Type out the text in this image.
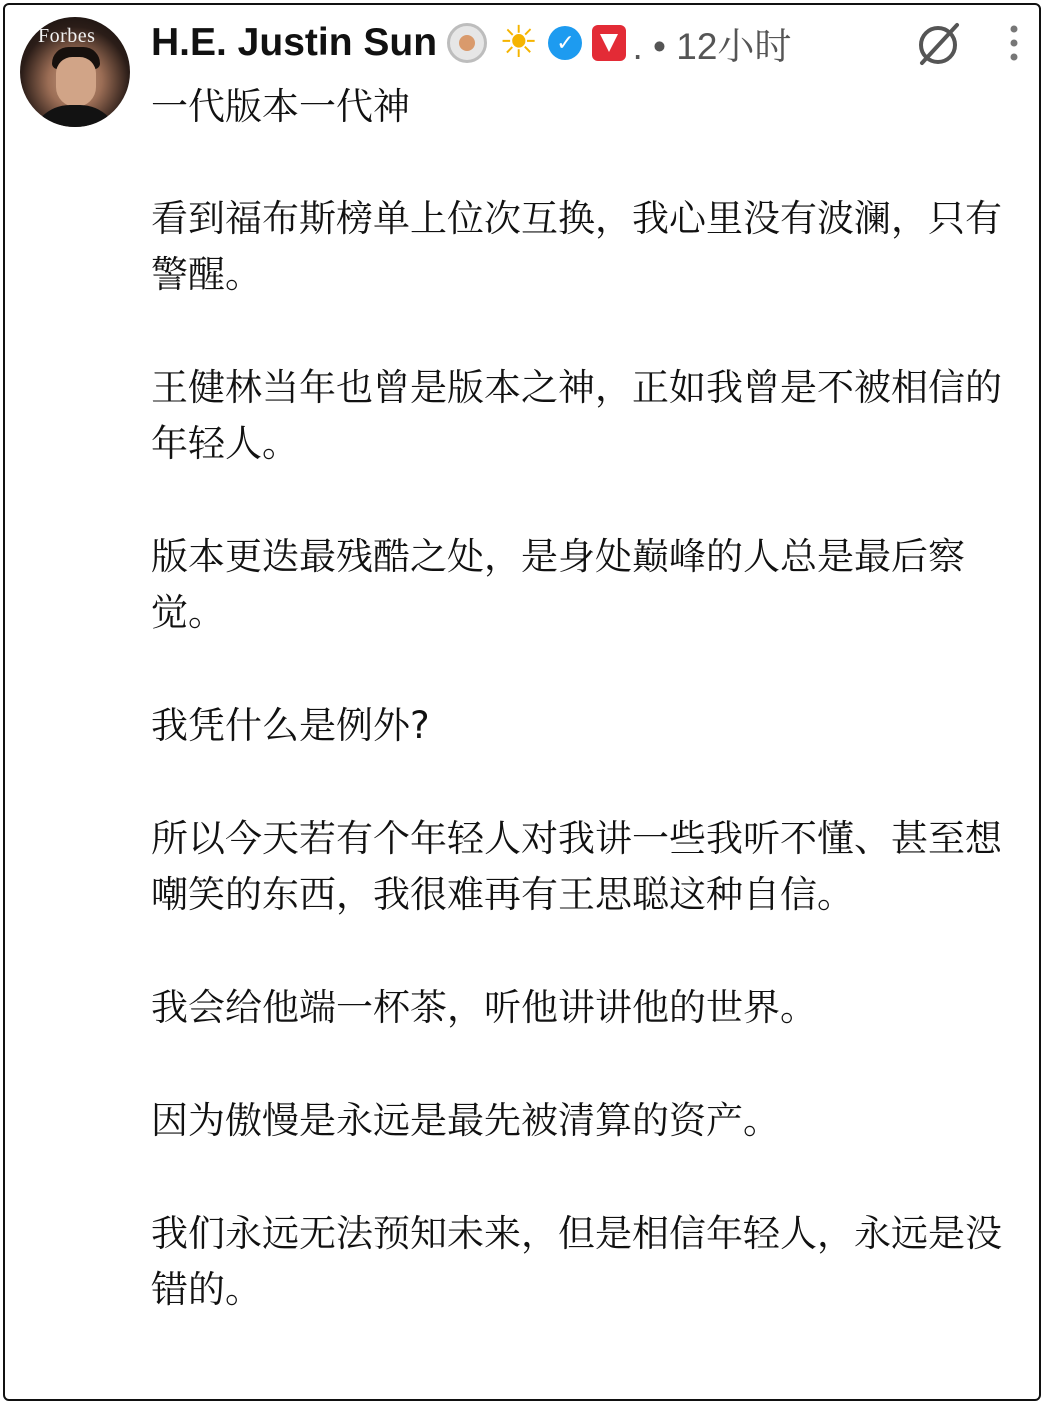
Forbes H.E. Justin Sun ☀ ✓ . • 12小时

一代版本一代神

看到福布斯榜单上位次互换，我心里没有波澜，只有警醒。

王健林当年也曾是版本之神，正如我曾是不被相信的年轻人。

版本更迭最残酷之处，是身处巅峰的人总是最后察觉。

我凭什么是例外?

所以今天若有个年轻人对我讲一些我听不懂、甚至想嘲笑的东西，我很难再有王思聪这种自信。

我会给他端一杯茶，听他讲讲他的世界。

因为傲慢是永远是最先被清算的资产。

我们永远无法预知未来，但是相信年轻人，永远是没错的。
